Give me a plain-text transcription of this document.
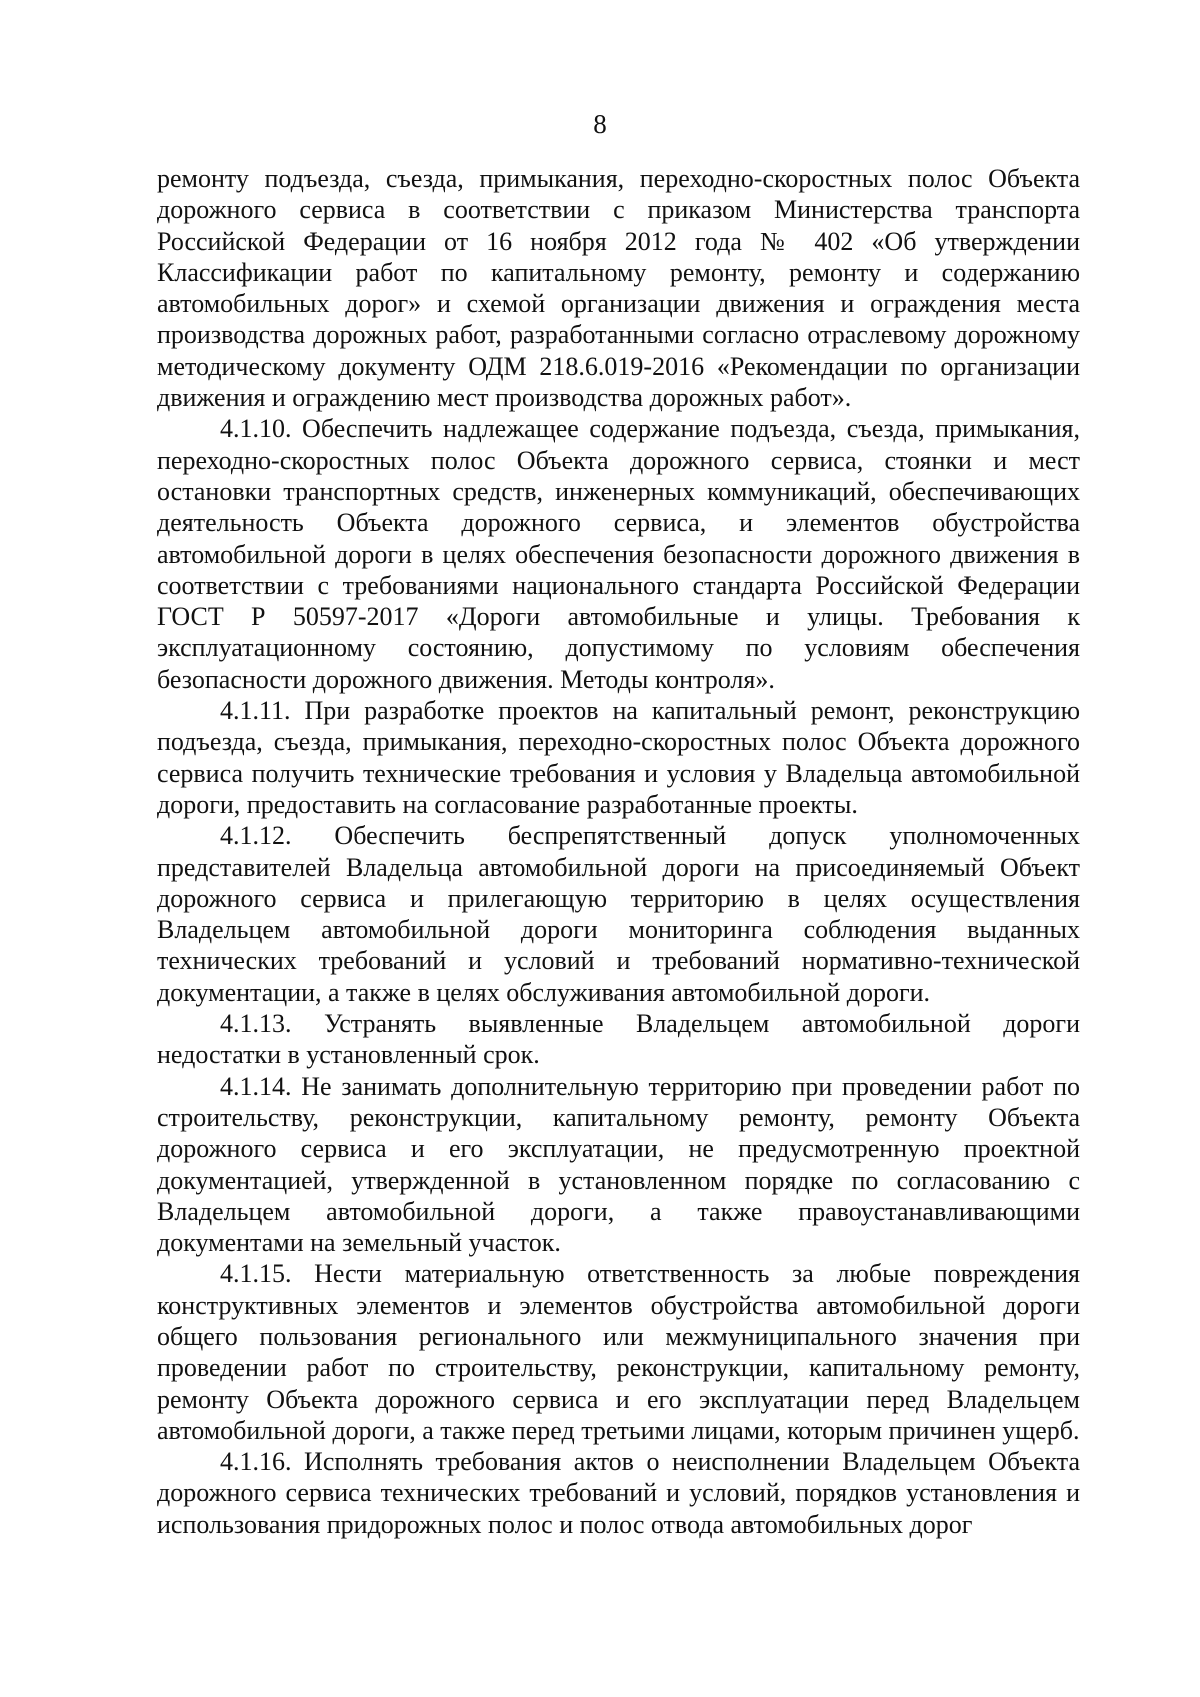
8

ремонту подъезда, съезда, примыкания, переходно-скоростных полос Объекта дорожного сервиса в соответствии с приказом Министерства транспорта Российской Федерации от 16 ноября 2012 года № 402 «Об утверждении Классификации работ по капитальному ремонту, ремонту и содержанию автомобильных дорог» и схемой организации движения и ограждения места производства дорожных работ, разработанными согласно отраслевому дорожному методическому документу ОДМ 218.6.019-2016 «Рекомендации по организации движения и ограждению мест производства дорожных работ».

4.1.10. Обеспечить надлежащее содержание подъезда, съезда, примыкания, переходно-скоростных полос Объекта дорожного сервиса, стоянки и мест остановки транспортных средств, инженерных коммуникаций, обеспечивающих деятельность Объекта дорожного сервиса, и элементов обустройства автомобильной дороги в целях обеспечения безопасности дорожного движения в соответствии с требованиями национального стандарта Российской Федерации ГОСТ Р 50597-2017 «Дороги автомобильные и улицы. Требования к эксплуатационному состоянию, допустимому по условиям обеспечения безопасности дорожного движения. Методы контроля».

4.1.11. При разработке проектов на капитальный ремонт, реконструкцию подъезда, съезда, примыкания, переходно-скоростных полос Объекта дорожного сервиса получить технические требования и условия у Владельца автомобильной дороги, предоставить на согласование разработанные проекты.

4.1.12. Обеспечить беспрепятственный допуск уполномоченных представителей Владельца автомобильной дороги на присоединяемый Объект дорожного сервиса и прилегающую территорию в целях осуществления Владельцем автомобильной дороги мониторинга соблюдения выданных технических требований и условий и требований нормативно-технической документации, а также в целях обслуживания автомобильной дороги.

4.1.13. Устранять выявленные Владельцем автомобильной дороги недостатки в установленный срок.

4.1.14. Не занимать дополнительную территорию при проведении работ по строительству, реконструкции, капитальному ремонту, ремонту Объекта дорожного сервиса и его эксплуатации, не предусмотренную проектной документацией, утвержденной в установленном порядке по согласованию с Владельцем автомобильной дороги, а также правоустанавливающими документами на земельный участок.

4.1.15. Нести материальную ответственность за любые повреждения конструктивных элементов и элементов обустройства автомобильной дороги общего пользования регионального или межмуниципального значения при проведении работ по строительству, реконструкции, капитальному ремонту, ремонту Объекта дорожного сервиса и его эксплуатации перед Владельцем автомобильной дороги, а также перед третьими лицами, которым причинен ущерб.

4.1.16. Исполнять требования актов о неисполнении Владельцем Объекта дорожного сервиса технических требований и условий, порядков установления и использования придорожных полос и полос отвода автомобильных дорог
